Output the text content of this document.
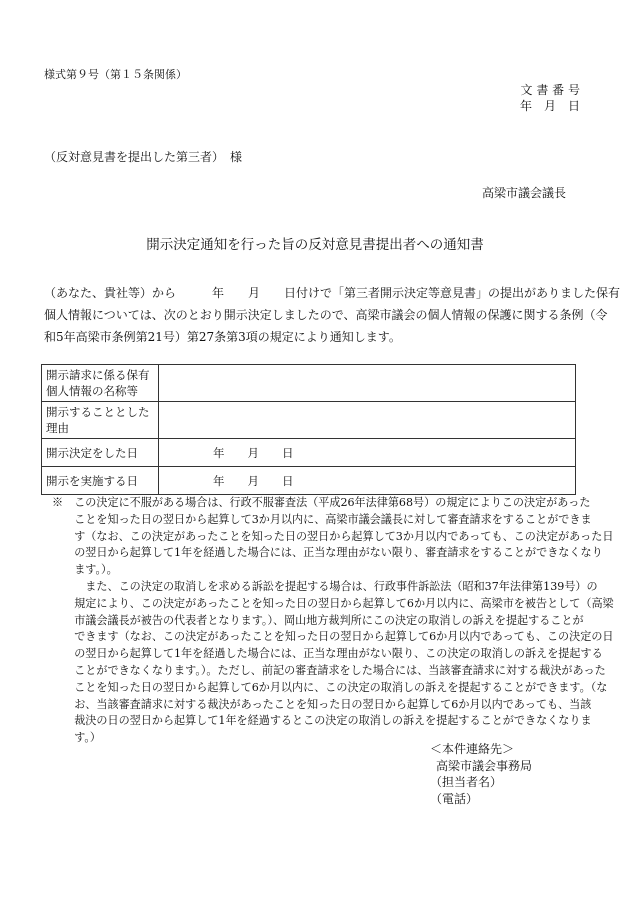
様式第９号（第１５条関係）
文 書 番 号
年　月　日
（反対意見書を提出した第三者）　様
高梁市議会議長
開示決定通知を行った旨の反対意見書提出者への通知書
（あなた、貴社等）から　　　年　　月　　日付けで「第三者開示決定等意見書」の提出がありました保有
個人情報については、次のとおり開示決定しましたので、高梁市議会の個人情報の保護に関する条例（令
和5年高梁市条例第21号）第27条第3項の規定により通知します。
開示請求に係る保有
個人情報の名称等	

開示することとした
理由	

開示決定をした日	年　　月　　日

開示を実施する日	年　　月　　日
※　この決定に不服がある場合は、行政不服審査法（平成26年法律第68号）の規定によりこの決定があった
　　ことを知った日の翌日から起算して3か月以内に、高梁市議会議長に対して審査請求をすることができま
　　す（なお、この決定があったことを知った日の翌日から起算して3か月以内であっても、この決定があった日
　　の翌日から起算して1年を経過した場合には、正当な理由がない限り、審査請求をすることができなくなり
　　ます。）。
　　　また、この決定の取消しを求める訴訟を提起する場合は、行政事件訴訟法（昭和37年法律第139号）の
　　規定により、この決定があったことを知った日の翌日から起算して6か月以内に、高梁市を被告として（高梁
　　市議会議長が被告の代表者となります。）、岡山地方裁判所にこの決定の取消しの訴えを提起することが
　　できます（なお、この決定があったことを知った日の翌日から起算して6か月以内であっても、この決定の日
　　の翌日から起算して1年を経過した場合には、正当な理由がない限り、この決定の取消しの訴えを提起する
　　ことができなくなります。）。ただし、前記の審査請求をした場合には、当該審査請求に対する裁決があった
　　ことを知った日の翌日から起算して6か月以内に、この決定の取消しの訴えを提起することができます。（な
　　お、当該審査請求に対する裁決があったことを知った日の翌日から起算して6か月以内であっても、当該
　　裁決の日の翌日から起算して1年を経過するとこの決定の取消しの訴えを提起することができなくなりま
　　す。）
＜本件連絡先＞
高梁市議会事務局
（担当者名）
（電話）
